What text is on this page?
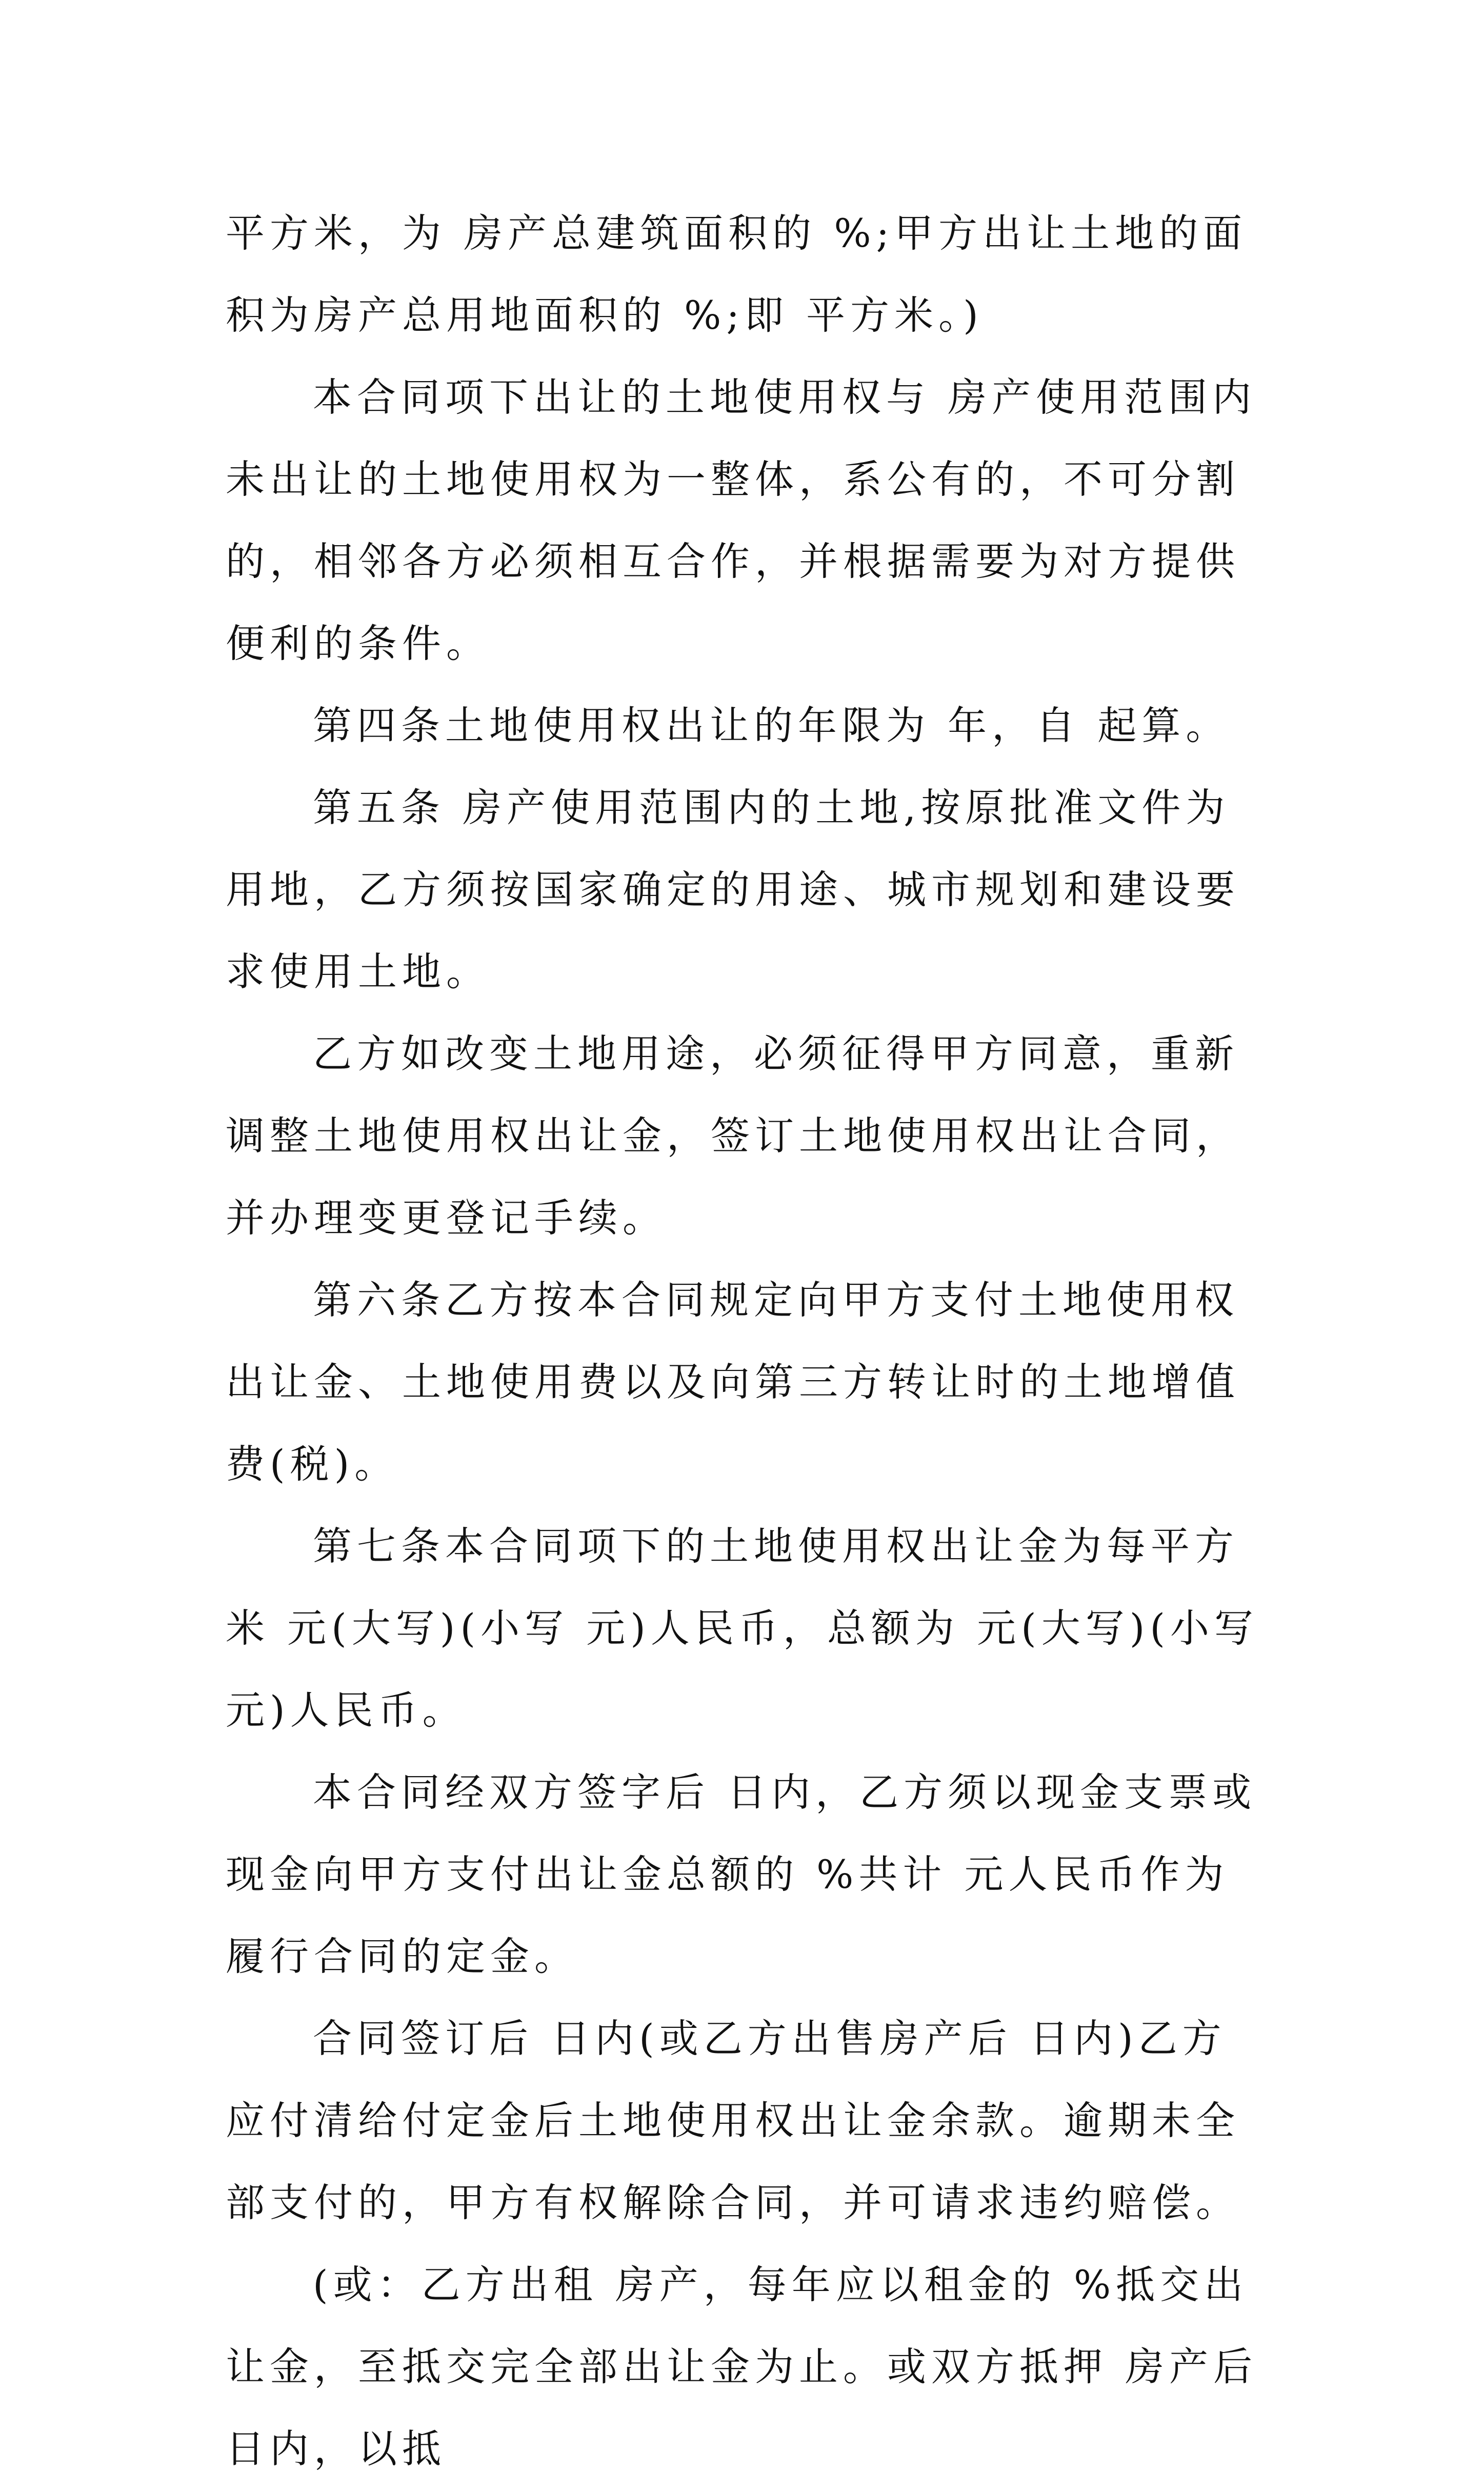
平方米，为 房产总建筑面积的 %;甲方出让土地的面积为房产总用地面积的 %;即 平方米。)

本合同项下出让的土地使用权与 房产使用范围内未出让的土地使用权为一整体，系公有的，不可分割的，相邻各方必须相互合作，并根据需要为对方提供便利的条件。

第四条土地使用权出让的年限为 年，自 起算。

第五条 房产使用范围内的土地,按原批准文件为 用地，乙方须按国家确定的用途、城市规划和建设要求使用土地。

乙方如改变土地用途，必须征得甲方同意，重新调整土地使用权出让金，签订土地使用权出让合同，并办理变更登记手续。

第六条乙方按本合同规定向甲方支付土地使用权出让金、土地使用费以及向第三方转让时的土地增值费(税)。

第七条本合同项下的土地使用权出让金为每平方米 元(大写)(小写 元)人民币，总额为 元(大写)(小写 元)人民币。

本合同经双方签字后 日内，乙方须以现金支票或现金向甲方支付出让金总额的 %共计 元人民币作为履行合同的定金。

合同签订后 日内(或乙方出售房产后 日内)乙方应付清给付定金后土地使用权出让金余款。逾期未全部支付的，甲方有权解除合同，并可请求违约赔偿。

(或：乙方出租 房产，每年应以租金的 %抵交出让金，至抵交完全部出让金为止。或双方抵押 房产后 日内，以抵
